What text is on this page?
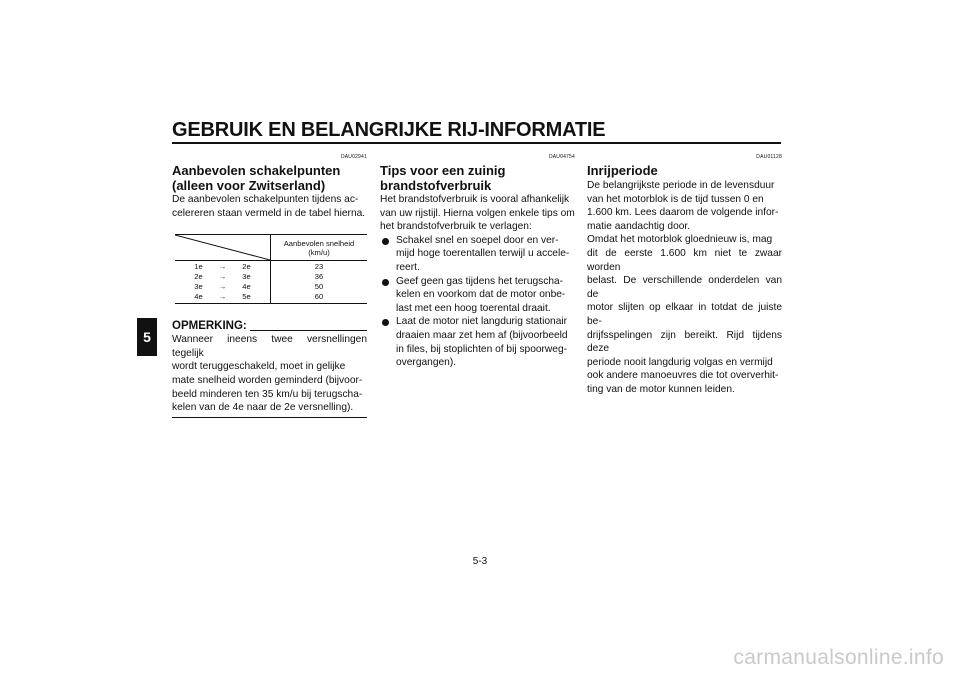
GEBRUIK EN BELANGRIJKE RIJ-INFORMATIE
5
DAU02941
Aanbevolen schakelpunten
(alleen voor Zwitserland)

De aanbevolen schakelpunten tijdens ac-
celereren staan vermeld in de tabel hierna.

Aanbevolen snelheid
(km/u)

1e → 2e	23

2e → 3e	36

3e → 4e	50

4e → 5e	60
OPMERKING:

Wanneer ineens twee versnellingen tegelijk
wordt teruggeschakeld, moet in gelijke
mate snelheid worden geminderd (bijvoor-
beeld minderen ten 35 km/u bij terugscha-
kelen van de 4e naar de 2e versnelling).

DAU04754
Tips voor een zuinig
brandstofverbruik

Het brandstofverbruik is vooral afhankelijk
van uw rijstijl. Hierna volgen enkele tips om
het brandstofverbruik te verlagen:

Schakel snel en soepel door en ver-
mijd hoge toerentallen terwijl u accele-
reert.

Geef geen gas tijdens het terugscha-
kelen en voorkom dat de motor onbe-
last met een hoog toerental draait.

Laat de motor niet langdurig stationair
draaien maar zet hem af (bijvoorbeeld
in files, bij stoplichten of bij spoorweg-
overgangen).

DAU01128
Inrijperiode

De belangrijkste periode in de levensduur
van het motorblok is de tijd tussen 0 en
1.600 km. Lees daarom de volgende infor-
matie aandachtig door.
Omdat het motorblok gloednieuw is, mag
dit de eerste 1.600 km niet te zwaar worden
belast. De verschillende onderdelen van de
motor slijten op elkaar in totdat de juiste be-
drijfsspelingen zijn bereikt. Rijd tijdens deze
periode nooit langdurig volgas en vermijd
ook andere manoeuvres die tot oververhit-
ting van de motor kunnen leiden.

5-3
carmanualsonline.info
